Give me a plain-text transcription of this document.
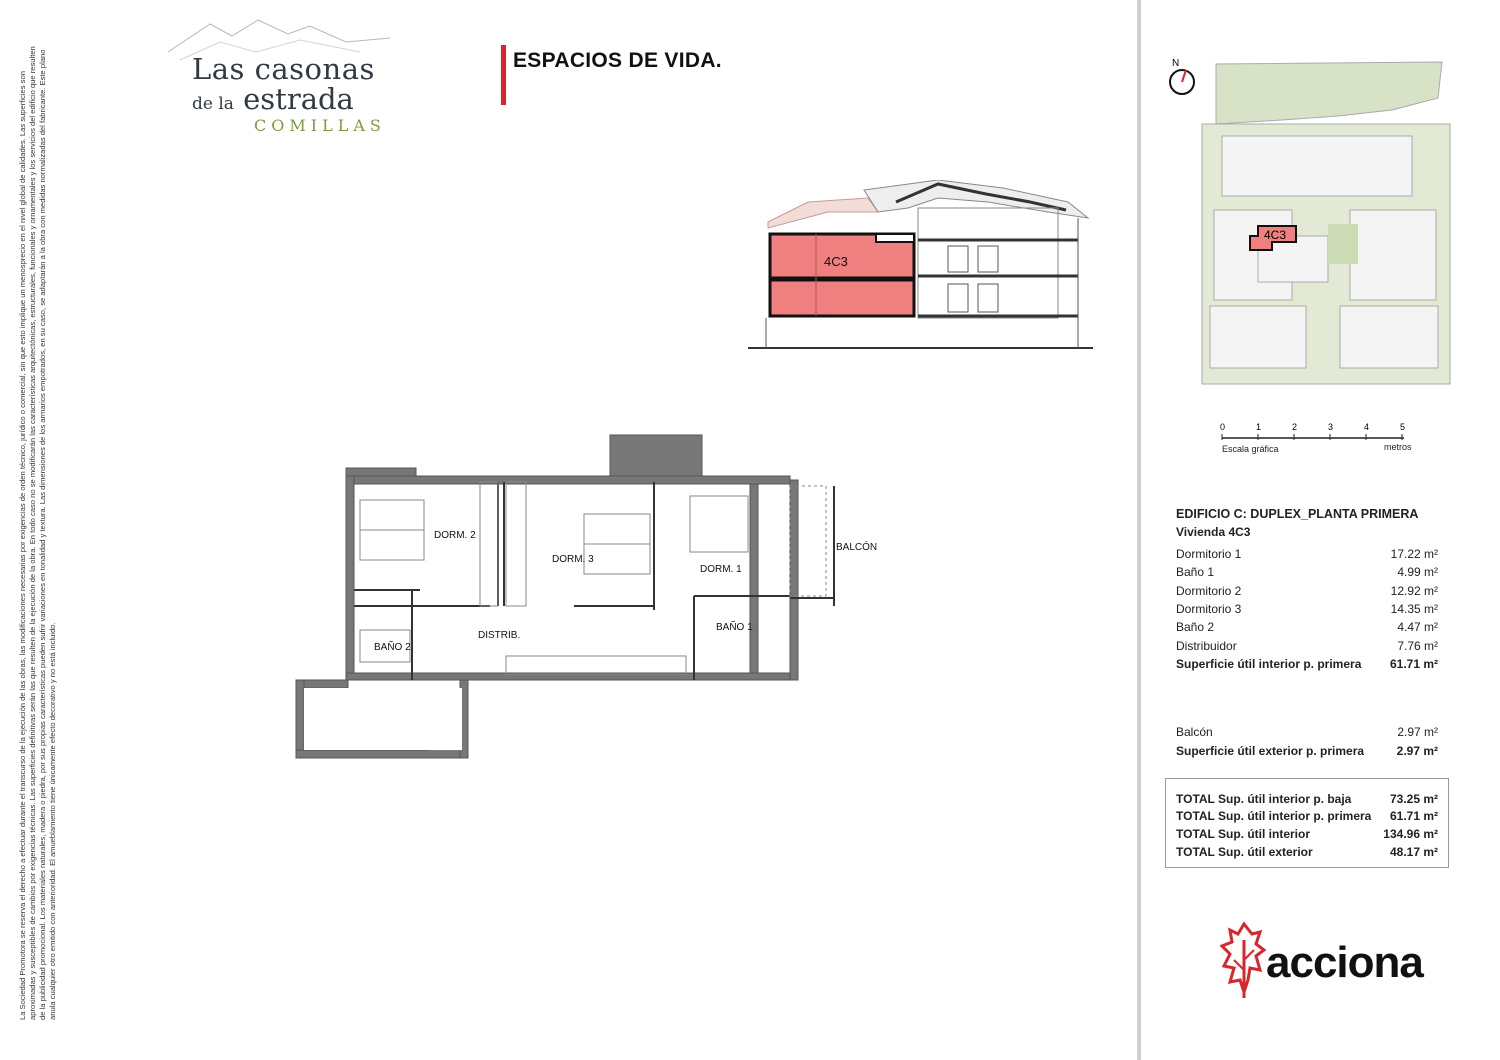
La Sociedad Promotora se reserva el derecho a efectuar durante el transcurso de la ejecución de las obras, las modificaciones necesarias por exigencias de orden técnico, jurídico o comercial, sin que esto implique un menosprecio en el nivel global de calidades. Las superficies son aproximadas y susceptibles de cambios por exigencias técnicas. Las superficies definitivas serán las que resulten de la ejecución de la obra. En todo caso no se modificarán las características arquitectónicas, estructurales, funcionales y ornamentales y los servicios del edificio que resulten de la publicidad promocional. Los materiales naturales, madera o piedra, por sus propias características pueden sufrir variaciones en tonalidad y textura. Las dimensiones de los armarios empotrados, en su caso, se adaptarán a la obra con medidas normalizadas del fabricante. Este plano anula cualquier otro emitido con anterioridad. El amueblamiento tiene únicamente efecto decorativo y no está incluido.
Las casonas
de la estrada
COMILLAS
ESPACIOS DE VIDA.
4C3
DORM. 2
DORM. 3
DORM. 1
BALCÓN
BAÑO 1
BAÑO 2
DISTRIB.
N
4C3
0	1	2	3	4	5
Escala gráfica	metros
EDIFICIO C: DUPLEX_PLANTA PRIMERA
Vivienda 4C3
Dormitorio 1	17.22 m²
Baño 1	4.99 m²
Dormitorio 2	12.92 m²
Dormitorio 3	14.35 m²
Baño 2	4.47 m²
Distribuidor	7.76 m²
Superficie útil interior p. primera 61.71 m²
Balcón	2.97 m²
Superficie útil exterior p. primera	2.97 m²
TOTAL Sup. útil interior p. baja	73.25 m²
TOTAL Sup. útil interior p. primera 61.71 m²
TOTAL Sup. útil interior	134.96 m²
TOTAL Sup. útil exterior	48.17 m²
acciona
